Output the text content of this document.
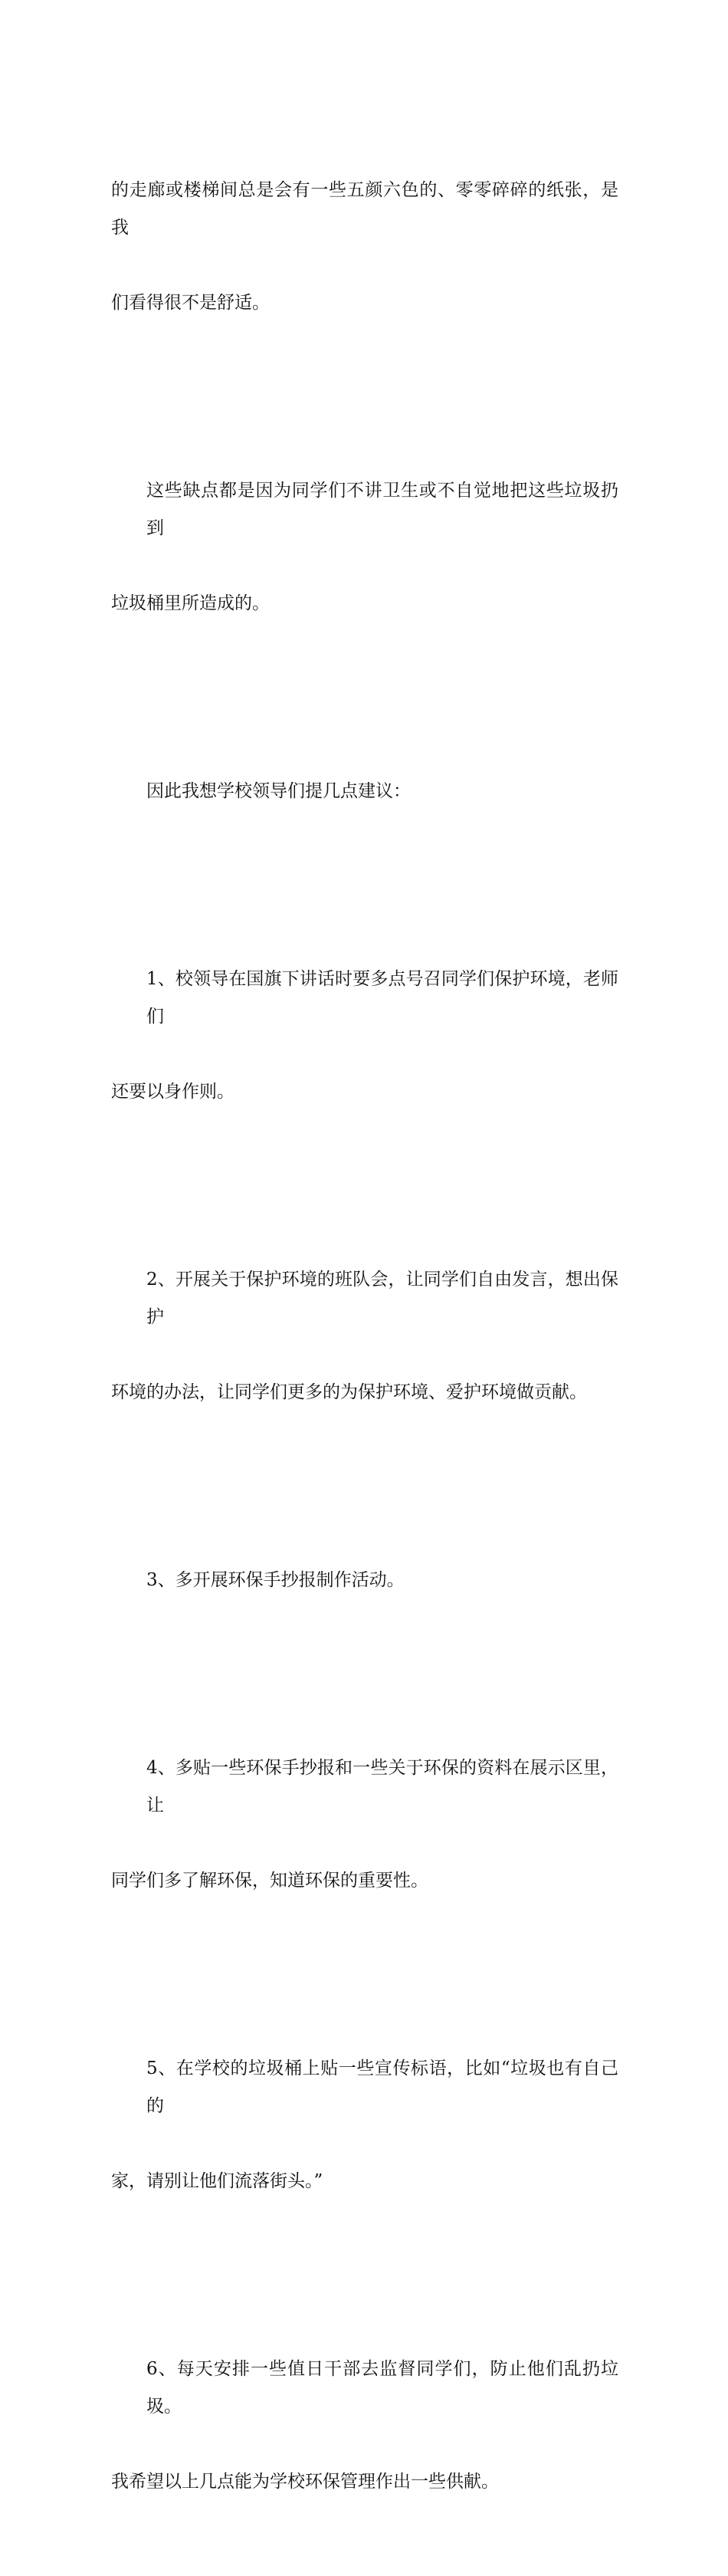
的走廊或楼梯间总是会有一些五颜六色的、零零碎碎的纸张，是我

们看得很不是舒适。

这些缺点都是因为同学们不讲卫生或不自觉地把这些垃圾扔到

垃圾桶里所造成的。

因此我想学校领导们提几点建议：

1、校领导在国旗下讲话时要多点号召同学们保护环境，老师们

还要以身作则。

2、开展关于保护环境的班队会，让同学们自由发言，想出保护

环境的办法，让同学们更多的为保护环境、爱护环境做贡献。

3、多开展环保手抄报制作活动。

4、多贴一些环保手抄报和一些关于环保的资料在展示区里，让

同学们多了解环保，知道环保的重要性。

5、在学校的垃圾桶上贴一些宣传标语，比如“垃圾也有自己的

家，请别让他们流落街头。”

6、每天安排一些值日干部去监督同学们，防止他们乱扔垃圾。

我希望以上几点能为学校环保管理作出一些供献。
